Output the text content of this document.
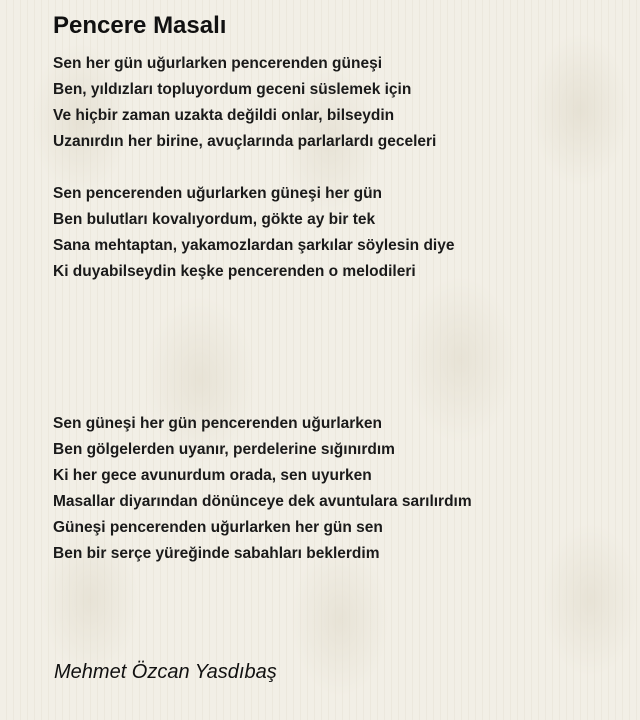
Pencere Masalı
Sen her gün uğurlarken pencerenden güneşi
Ben, yıldızları topluyordum geceni süslemek için
Ve hiçbir zaman uzakta değildi onlar, bilseydin
Uzanırdın her birine, avuçlarında parlarlardı geceleri
Sen pencerenden uğurlarken güneşi her gün
Ben bulutları kovalıyordum, gökte ay bir tek
Sana mehtaptan, yakamozlardan şarkılar söylesin diye
Ki duyabilseydin keşke pencerenden o melodileri
Sen güneşi her gün pencerenden uğurlarken
Ben gölgelerden uyanır, perdelerine sığınırdım
Ki her gece avunurdum orada, sen uyurken
Masallar diyarından dönünceye dek avuntulara sarılırdım
Güneşi pencerenden uğurlarken her gün sen
Ben bir serçe yüreğinde sabahları beklerdim

Mehmet Özcan Yasdıbaş
